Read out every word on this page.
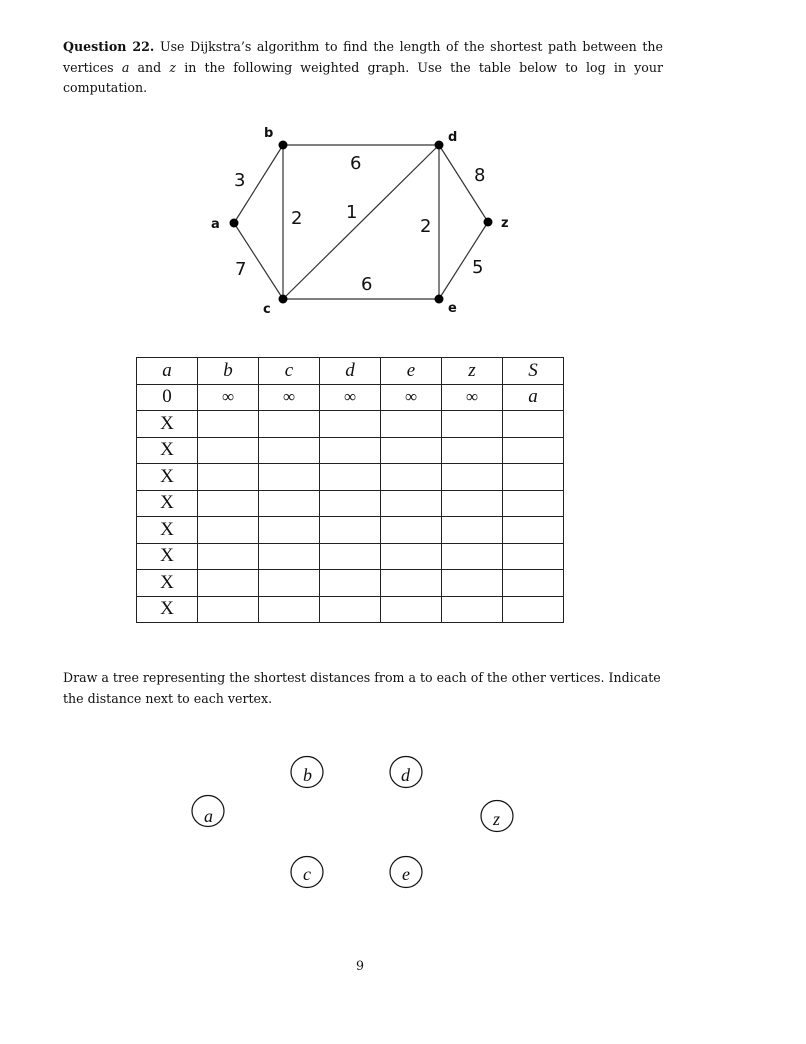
Question 22. Use Dijkstra’s algorithm to find the length of the shortest path between the vertices a and z in the following weighted graph. Use the table below to log in your computation.
a
b
c
d
e
z
3
7
6
2 1
2
6
8
5
a	b	c	d	e	z	S
0	∞	∞	∞	∞	∞	a
X						
X						
X						
X						
X						
X						
X						
X						
Draw a tree representing the shortest distances from a to each of the other vertices. Indicate the distance next to each vertex.
a
b
c
d
e
z
9
